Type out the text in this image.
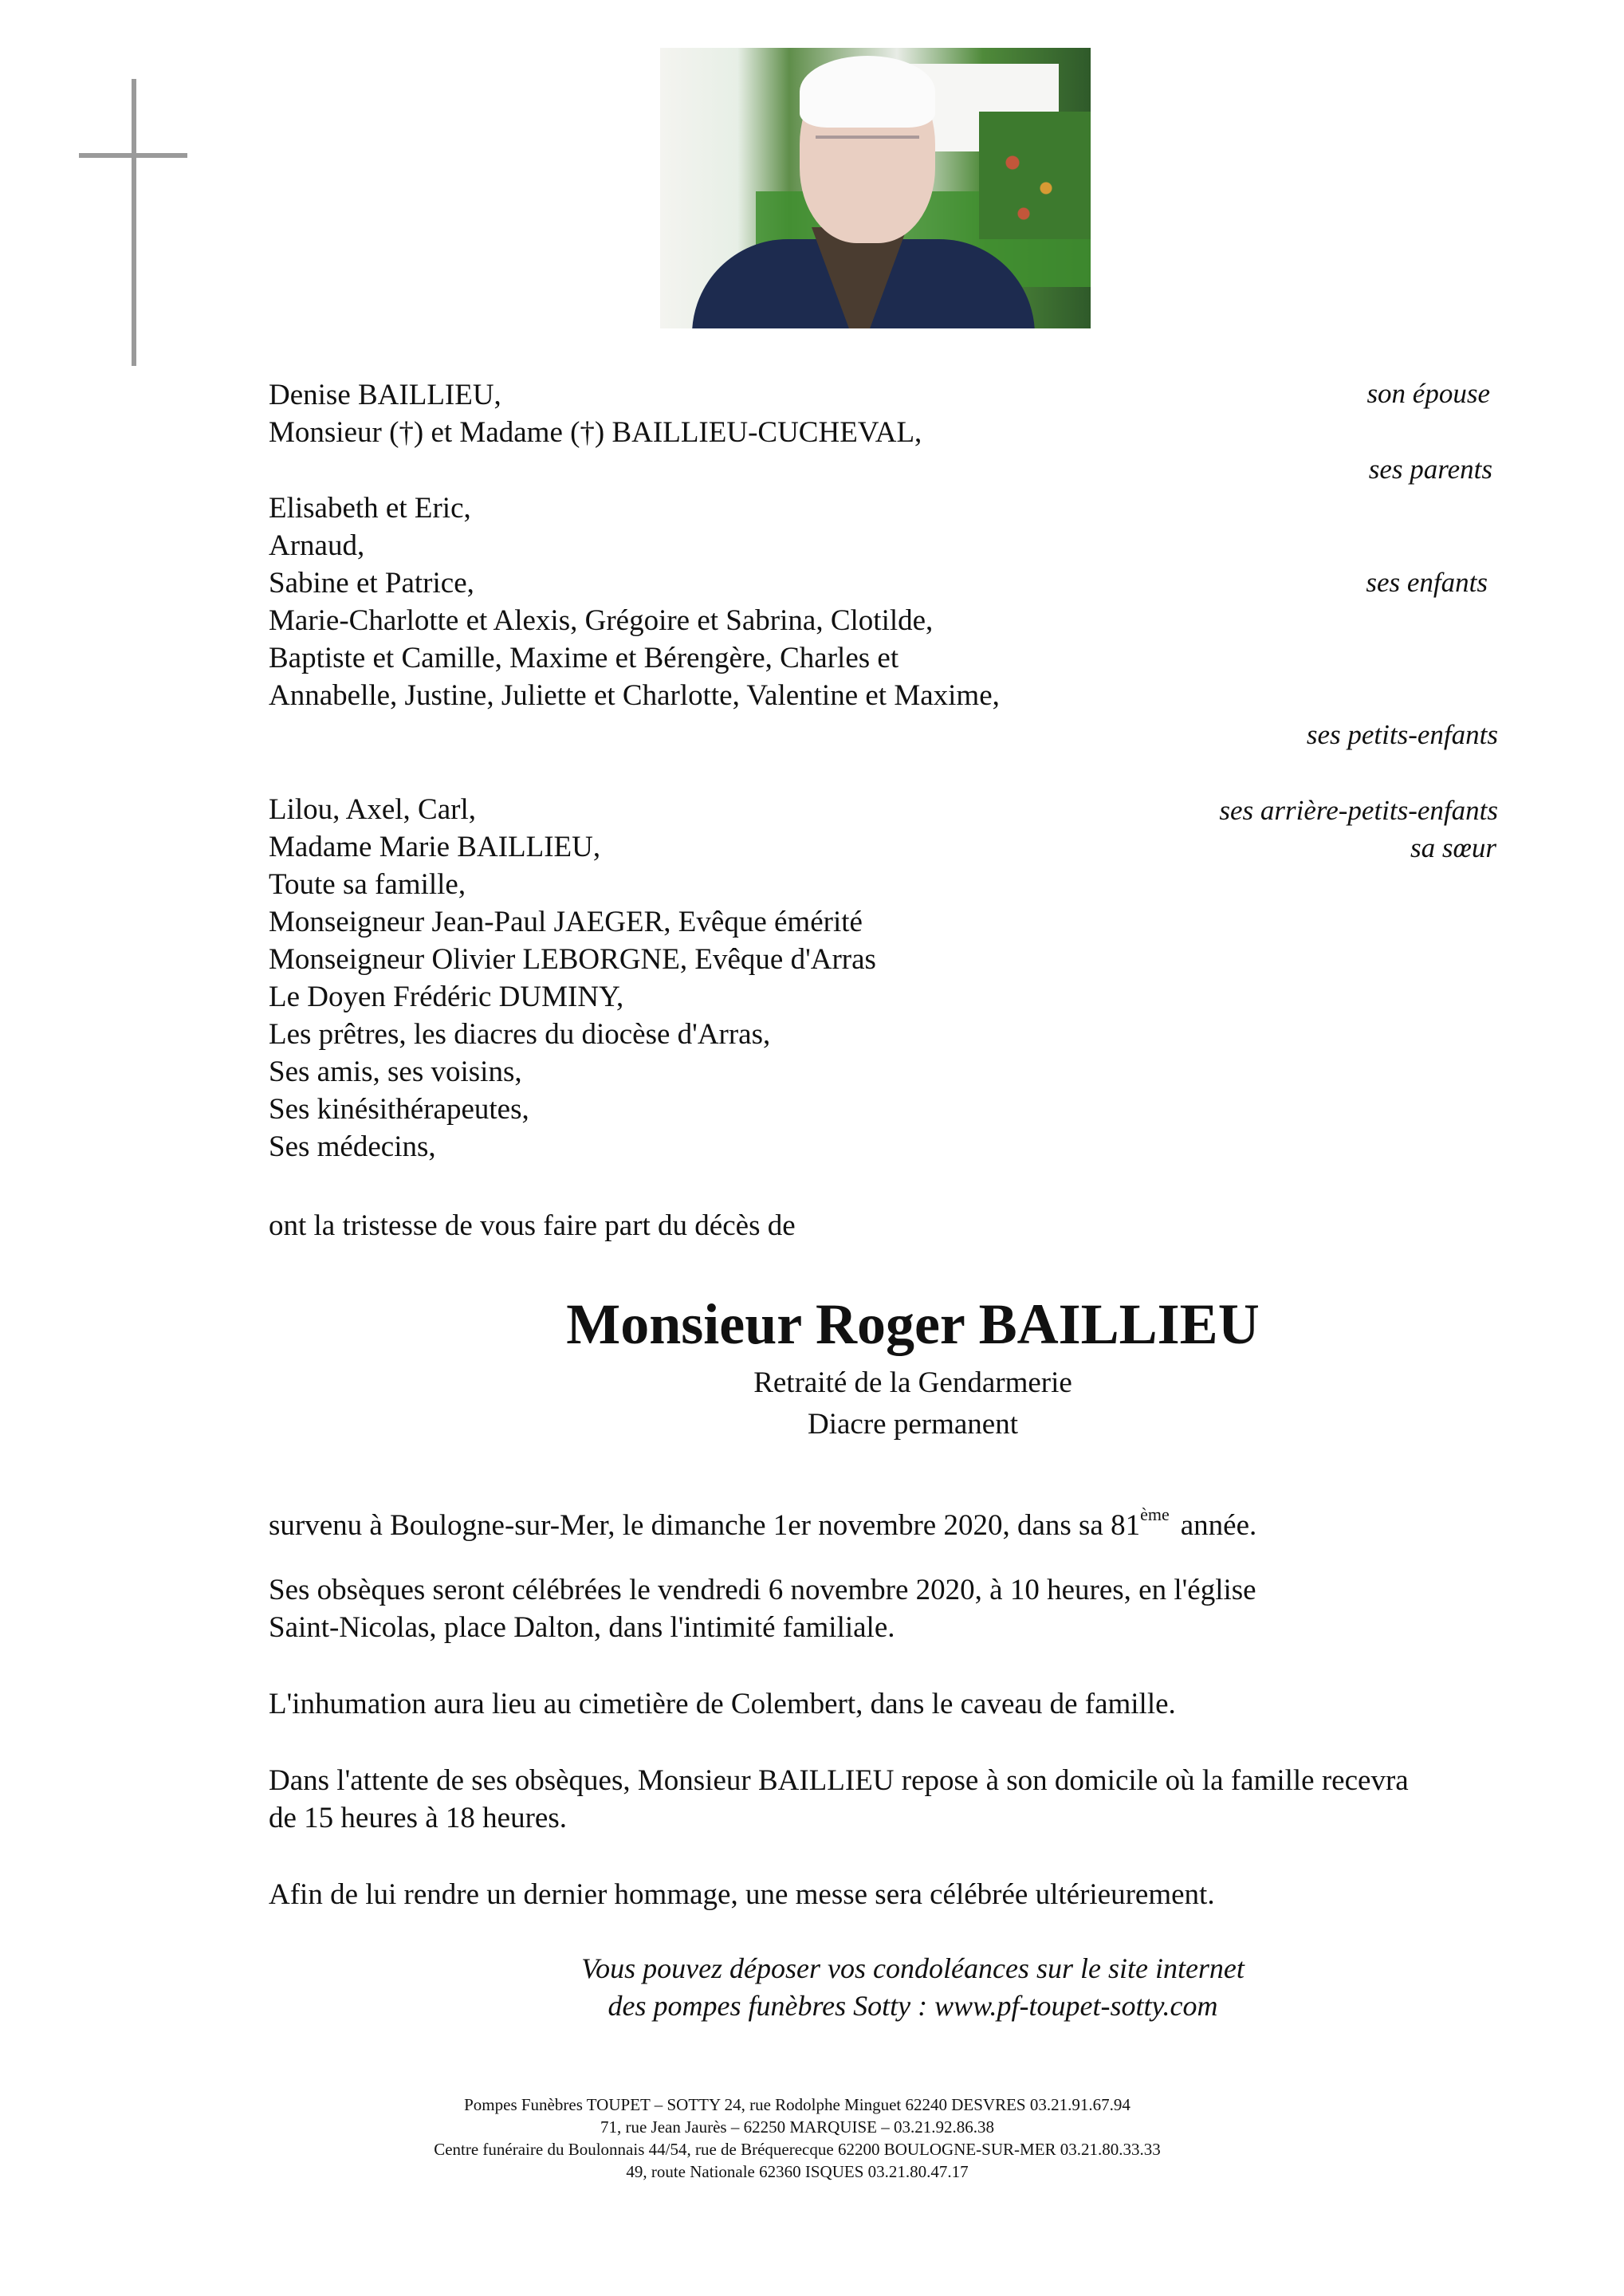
Denise BAILLIEU,
Monsieur (†) et Madame (†) BAILLIEU-CUCHEVAL,
Elisabeth et Eric,
Arnaud,
Sabine et Patrice,
Marie-Charlotte et Alexis, Grégoire et Sabrina, Clotilde,
Baptiste et Camille, Maxime et Bérengère, Charles et
Annabelle, Justine, Juliette et Charlotte, Valentine et Maxime,
Lilou, Axel, Carl,
Madame Marie BAILLIEU,
Toute sa famille,
Monseigneur Jean-Paul JAEGER, Evêque émérité
Monseigneur Olivier LEBORGNE, Evêque d'Arras
Le Doyen Frédéric DUMINY,
Les prêtres, les diacres du diocèse d'Arras,
Ses amis, ses voisins,
Ses kinésithérapeutes,
Ses médecins,
son épouse
ses parents
ses enfants
ses petits-enfants
ses arrière-petits-enfants
sa sœur
ont la tristesse de vous faire part du décès de
Monsieur Roger BAILLIEU
Retraité de la Gendarmerie
Diacre permanent
survenu à Boulogne-sur-Mer, le dimanche 1er novembre 2020, dans sa 81ème année.
Ses obsèques seront célébrées le vendredi 6 novembre 2020, à 10 heures, en l'église
Saint-Nicolas, place Dalton, dans l'intimité familiale.
L'inhumation aura lieu au cimetière de Colembert, dans le caveau de famille.
Dans l'attente de ses obsèques, Monsieur BAILLIEU repose à son domicile où la famille recevra
de 15 heures à 18 heures.
Afin de lui rendre un dernier hommage, une messe sera célébrée ultérieurement.
Vous pouvez déposer vos condoléances sur le site internet
des pompes funèbres Sotty : www.pf-toupet-sotty.com
Pompes Funèbres TOUPET – SOTTY 24, rue Rodolphe Minguet 62240 DESVRES 03.21.91.67.94
71, rue Jean Jaurès – 62250 MARQUISE – 03.21.92.86.38
Centre funéraire du Boulonnais 44/54, rue de Bréquerecque 62200 BOULOGNE-SUR-MER 03.21.80.33.33
49, route Nationale 62360 ISQUES 03.21.80.47.17
